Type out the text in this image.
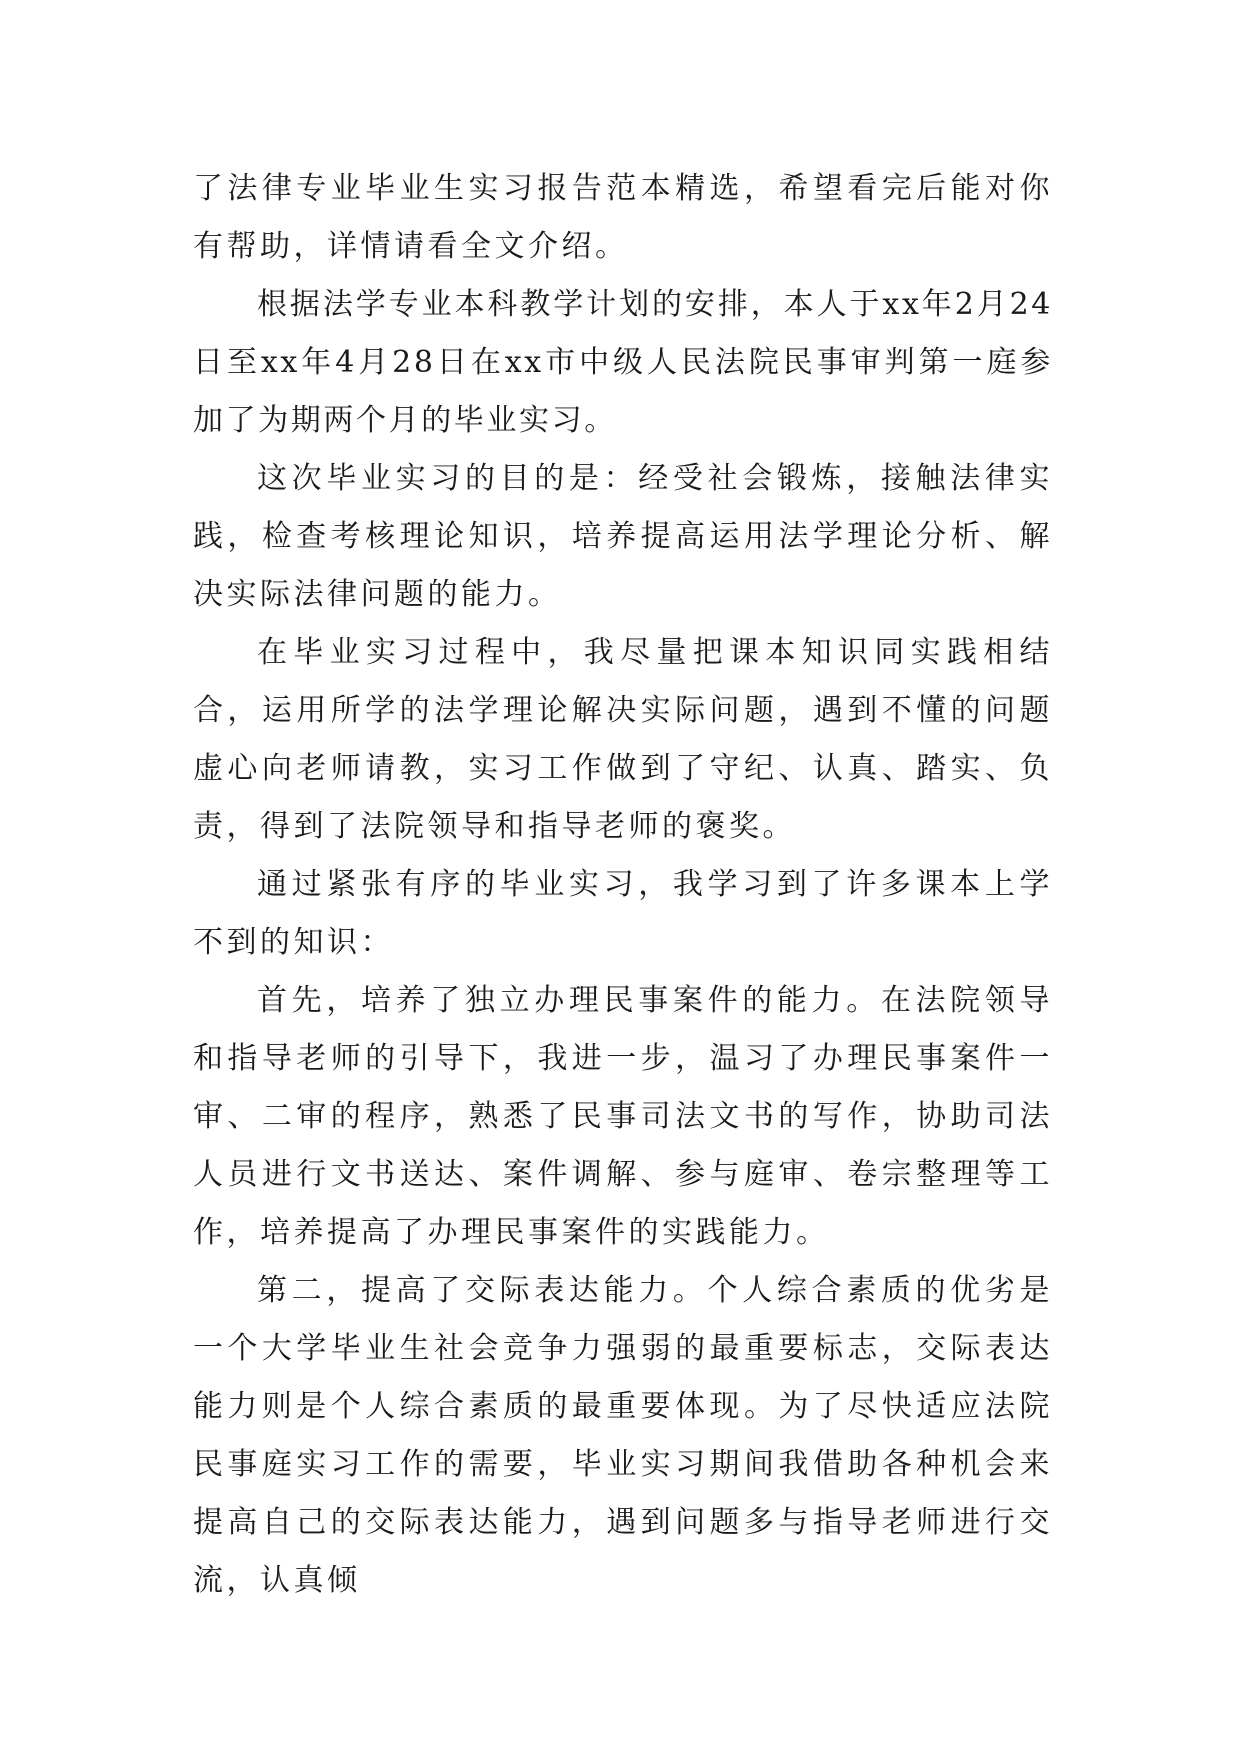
了法律专业毕业生实习报告范本精选，希望看完后能对你有帮助，详情请看全文介绍。

根据法学专业本科教学计划的安排，本人于xx年2月24日至xx年4月28日在xx市中级人民法院民事审判第一庭参加了为期两个月的毕业实习。

这次毕业实习的目的是：经受社会锻炼，接触法律实践，检查考核理论知识，培养提高运用法学理论分析、解决实际法律问题的能力。

在毕业实习过程中，我尽量把课本知识同实践相结合，运用所学的法学理论解决实际问题，遇到不懂的问题虚心向老师请教，实习工作做到了守纪、认真、踏实、负责，得到了法院领导和指导老师的褒奖。

通过紧张有序的毕业实习，我学习到了许多课本上学不到的知识：

首先，培养了独立办理民事案件的能力。在法院领导和指导老师的引导下，我进一步，温习了办理民事案件一审、二审的程序，熟悉了民事司法文书的写作，协助司法人员进行文书送达、案件调解、参与庭审、卷宗整理等工作，培养提高了办理民事案件的实践能力。

第二，提高了交际表达能力。个人综合素质的优劣是一个大学毕业生社会竞争力强弱的最重要标志，交际表达能力则是个人综合素质的最重要体现。为了尽快适应法院民事庭实习工作的需要，毕业实习期间我借助各种机会来提高自己的交际表达能力，遇到问题多与指导老师进行交流，认真倾
